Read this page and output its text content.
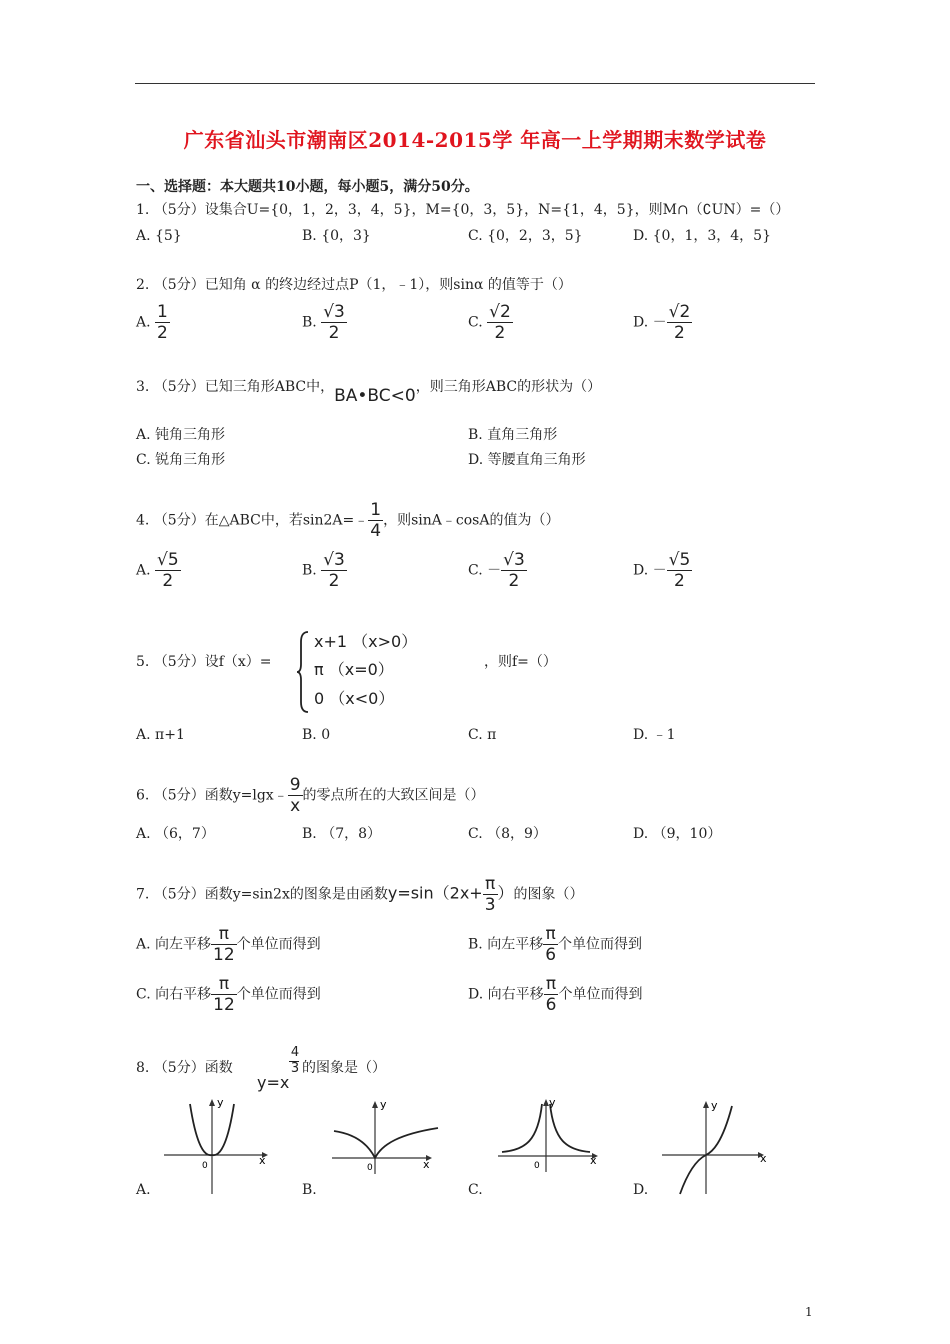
广东省汕头市潮南区2014-2015学 年高一上学期期末数学试卷
一、选择题：本大题共10小题，每小题5，满分50分。
1. （5分）设集合U={0，1，2，3，4，5}，M={0，3，5}，N={1，4，5}，则M∩（∁UN）=（）
A. {5}	B. {0，3}	C. {0，2，3，5}	D. {0，1，3，4，5}
2. （5分）已知角 α 的终边经过点P（1，﹣1），则sinα 的值等于（）
A. $\frac{1}{2}$	B. $\frac{√3}{2}$	C. $\frac{√2}{2}$	D. － $\frac{√2}{2}$
3. （5分）已知三角形ABC中，BA•BC<0，则三角形ABC的形状为（）
A. 钝角三角形	B. 直角三角形
C. 锐角三角形	D. 等腰直角三角形
4. （5分）在△ABC中，若sin2A=﹣ $\frac{1}{4}$ ，则sinA﹣cosA的值为（）
A. $\frac{√5}{2}$	B. $\frac{√3}{2}$	C. － $\frac{√3}{2}$	D. － $\frac{√5}{2}$
5. （5分）设f（x）=
x+1 （x>0）
π （x=0）
0 （x<0）
，则f=（）
A. π+1	B. 0	C. π	D. ﹣1
6. （5分）函数y=lgx﹣ $\frac{9}{x}$ 的零点所在的大致区间是（）
A. （6，7）	B. （7，8）	C. （8，9）	D. （9，10）
7. （5分）函数y=sin2x的图象是由函数$y=\sin(2x+ \frac{\pi}{3}$ ）的图象（）
A. 向左平移 $\frac{\pi}{12}$ 个单位而得到	B. 向左平移 $\frac{\pi}{6}$ 个单位而得到
C. 向右平移 $\frac{\pi}{12}$ 个单位而得到	D. 向右平移 $\frac{\pi}{6}$ 个单位而得到
8. （5分）函数
y=x
4
3 的图象是（）
y
x
0
y
x
0
y
x
0
y
x
A.	B.	C.	D.
1
